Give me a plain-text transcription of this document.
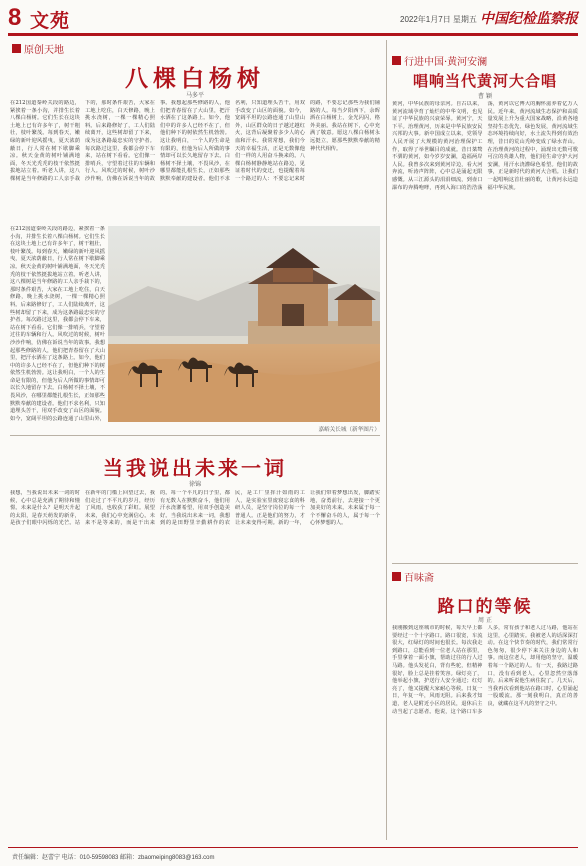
8 文苑	2022年1月7日 星期五 中国纪检监察报
原创天地
八棵白杨树
马多平
在212国道秦岭关段的路边，紧挨着一条小沟，并排生长着八棵白杨树。它们生长在这块土地上已有许多年了，树干粗壮，枝叶繁茂。每到春天，嫩绿的新叶迎风摇曳，夏天浓荫蔽日，行人常在树下歇脚乘凉。秋天金黄的树叶铺满地面，冬天光秃秃的枝干依然挺拔地站立着。听老人讲，这八棵树是当年修路的工人亲手栽下的，那时条件艰苦，大家在工地上吃住，白天修路，晚上挑水浇树，一棵一棵精心照料。后来路修好了，工人们陆续离开，这些树却留了下来，成为这条路最忠实的守护者。每次路过这里，我都会停下车来，站在树下看看。它们像一排哨兵，守望着过往的车辆和行人。风吹过的时候，树叶沙沙作响，仿佛在诉说当年的故事。我想起那些修路的人，他们把青春留在了大山里，把汗水洒在了这条路上。如今，他们中的许多人已经不在了，但他们种下的树依然生机勃勃。这让我明白，一个人的生命是有限的，但他为后人所做的事情却可以长久地留存下去。白杨树不择土壤，不畏风沙，在哪里都能扎根生长，正如那些默默奉献的建设者。他们不求名利，只知道埋头苦干，用双手改变了山区的面貌。如今，宽阔平坦的公路连通了山里山外，山区群众的日子越过越红火，这背后凝聚着多少人的心血和汗水。我常常想，我们今天的幸福生活，正是无数像他们一样的人用奋斗换来的。八棵白杨树静静地站在路边，见证着时代的变迁，也提醒着每一个路过的人：不要忘记来时的路，不要忘记那些为我们铺路的人。每当夕阳西下，余晖洒在白杨树上，金光闪闪，格外美丽。我站在树下，心中充满了敬意。愿这八棵白杨树永远挺立，愿那些默默奉献的精神代代相传。
在212国道秦岭关段的路边，紧挨着一条小沟，并排生长着八棵白杨树。它们生长在这块土地上已有许多年了，树干粗壮，枝叶繁茂。每到春天，嫩绿的新叶迎风摇曳，夏天浓荫蔽日，行人常在树下歇脚乘凉。秋天金黄的树叶铺满地面，冬天光秃秃的枝干依然挺拔地站立着。听老人讲，这八棵树是当年修路的工人亲手栽下的，那时条件艰苦，大家在工地上吃住，白天修路，晚上挑水浇树，一棵一棵精心照料。后来路修好了，工人们陆续离开，这些树却留了下来，成为这条路最忠实的守护者。每次路过这里，我都会停下车来，站在树下看看。它们像一排哨兵，守望着过往的车辆和行人。风吹过的时候，树叶沙沙作响，仿佛在诉说当年的故事。我想起那些修路的人，他们把青春留在了大山里，把汗水洒在了这条路上。如今，他们中的许多人已经不在了，但他们种下的树依然生机勃勃。这让我明白，一个人的生命是有限的，但他为后人所做的事情却可以长久地留存下去。白杨树不择土壤，不畏风沙，在哪里都能扎根生长，正如那些默默奉献的建设者。他们不求名利，只知道埋头苦干，用双手改变了山区的面貌。如今，宽阔平坦的公路连通了山里山外，
嘉峪关长城（新华图片）
当我说出未来一词
徐锦
我想，当我说出未来一词的时候，心中总是充满了期待和憧憬。未来是什么？是明天升起的太阳，是春天萌发的新芽，是孩子们眼中闪烁的光芒。站在新年的门槛上回望过去，我们走过了不平凡的岁月，经历了风雨，也收获了彩虹。展望未来，我们心中充满信心。未来不是等来的，而是干出来的。每一个平凡的日子里，都有无数人在默默奋斗，他们用汗水浇灌希望，用双手创造美好。当我说出未来一词，我想到的是田野里辛勤耕作的农民，是工厂里挥汗如雨的工人，是实验室里废寝忘食的科研人员，是坚守岗位的每一个普通人。正是他们的努力，才让未来变得可期。新的一年，让我们带着梦想出发，脚踏实地，奋勇前行，去迎接一个更加美好的未来。未来属于每一个不懈奋斗的人，属于每一个心怀梦想的人。
行进中国·黄河安澜
唱响当代黄河大合唱
曹 颖
黄河，中华民族的母亲河。自古以来，黄河流域孕育了灿烂的中华文明，也见证了中华民族的兴衰荣辱。黄河宁，天下平。治理黄河，历来是中华民族安民兴邦的大事。新中国成立以来，党领导人民开展了大规模的黄河治理保护工作，取得了举世瞩目的成就。昔日桀骜不驯的黄河，如今岁岁安澜，造福两岸人民。我曾多次来到黄河岸边，看大河奔流，听涛声阵阵，心中总是涌起无限感慨。从三江源头的涓涓细流，到壶口瀑布的奔腾咆哮，再到入海口的浩浩荡荡，黄河以它博大的胸怀滋养着亿万人民。近年来，黄河流域生态保护和高质量发展上升为重大国家战略，沿黄各地坚持生态优先、绿色发展，黄河流域生态环境持续向好，水土流失得到有效治理，昔日的荒山秃岭变成了绿水青山。在治理黄河的过程中，涌现出无数可歌可泣的英雄人物，他们用生命守护大河安澜，用汗水浇灌绿色希望。他们的故事，正是新时代的黄河大合唱。让我们一起唱响这首壮丽的歌，让黄河永远造福中华民族。
百味斋
路口的等候
周 正
我刚搬到这座城市的时候，每天早上都要经过一个十字路口。路口很宽，车流很大，红绿灯的时间也很长。每次我走到路口，总能看到一位老人站在那里，手里拿着一面小旗，帮助过往的行人过马路。他头发花白，背有些驼，但精神很好，脸上总是挂着笑容。绿灯亮了，他举起小旗，护送行人安全通过；红灯亮了，他又提醒大家耐心等候。日复一日，年复一年，风雨无阻。后来我才知道，老人是附近小区的居民，退休后主动当起了志愿者。他说，这个路口车多人多，常有孩子和老人过马路，他站在这里，心里踏实。我被老人的话深深打动。在这个快节奏的时代，我们常常行色匆匆，很少停下来关注身边的人和事。而这位老人，却用他的坚守，温暖着每一个路过的人。有一天，我路过路口，没有看到老人，心里忽然空落落的。后来听说他生病住院了。几天后，当我再次看到他站在路口时，心里涌起一股暖流。那一刻我明白，真正的善良，就藏在这平凡的坚守之中。
责任编辑：赵蕾宁 电话：010-59598083 邮箱：zbaomeiping8083@163.com
